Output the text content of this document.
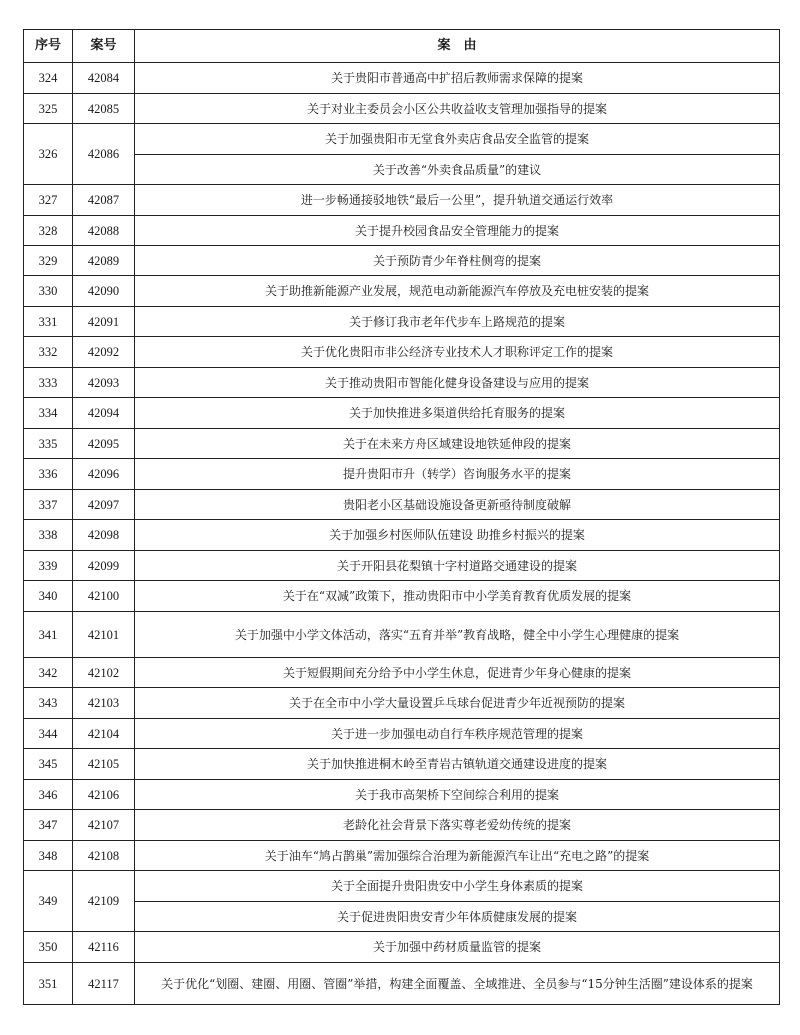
序号	案号	案　由
324	42084	关于贵阳市普通高中扩招后教师需求保障的提案
325	42085	关于对业主委员会小区公共收益收支管理加强指导的提案
326	42086	关于加强贵阳市无堂食外卖店食品安全监管的提案
		关于改善“外卖食品质量”的建议
327	42087	进一步畅通接驳地铁“最后一公里”，提升轨道交通运行效率
328	42088	关于提升校园食品安全管理能力的提案
329	42089	关于预防青少年脊柱侧弯的提案
330	42090	关于助推新能源产业发展，规范电动新能源汽车停放及充电桩安装的提案
331	42091	关于修订我市老年代步车上路规范的提案
332	42092	关于优化贵阳市非公经济专业技术人才职称评定工作的提案
333	42093	关于推动贵阳市智能化健身设备建设与应用的提案
334	42094	关于加快推进多渠道供给托育服务的提案
335	42095	关于在未来方舟区域建设地铁延伸段的提案
336	42096	提升贵阳市升（转学）咨询服务水平的提案
337	42097	贵阳老小区基础设施设备更新亟待制度破解
338	42098	关于加强乡村医师队伍建设 助推乡村振兴的提案
339	42099	关于开阳县花梨镇十字村道路交通建设的提案
340	42100	关于在“双减”政策下，推动贵阳市中小学美育教育优质发展的提案
341	42101	关于加强中小学文体活动，落实“五育并举”教育战略，健全中小学生心理健康的提案
342	42102	关于短假期间充分给予中小学生休息，促进青少年身心健康的提案
343	42103	关于在全市中小学大量设置乒乓球台促进青少年近视预防的提案
344	42104	关于进一步加强电动自行车秩序规范管理的提案
345	42105	关于加快推进桐木岭至青岩古镇轨道交通建设进度的提案
346	42106	关于我市高架桥下空间综合利用的提案
347	42107	老龄化社会背景下落实尊老爱幼传统的提案
348	42108	关于油车“鸠占鹊巢”需加强综合治理为新能源汽车让出“充电之路”的提案
349	42109	关于全面提升贵阳贵安中小学生身体素质的提案
		关于促进贵阳贵安青少年体质健康发展的提案
350	42116	关于加强中药材质量监管的提案
351	42117	关于优化“划圈、建圈、用圈、管圈”举措，构建全面覆盖、全域推进、全员参与“15分钟生活圈”建设体系的提案
